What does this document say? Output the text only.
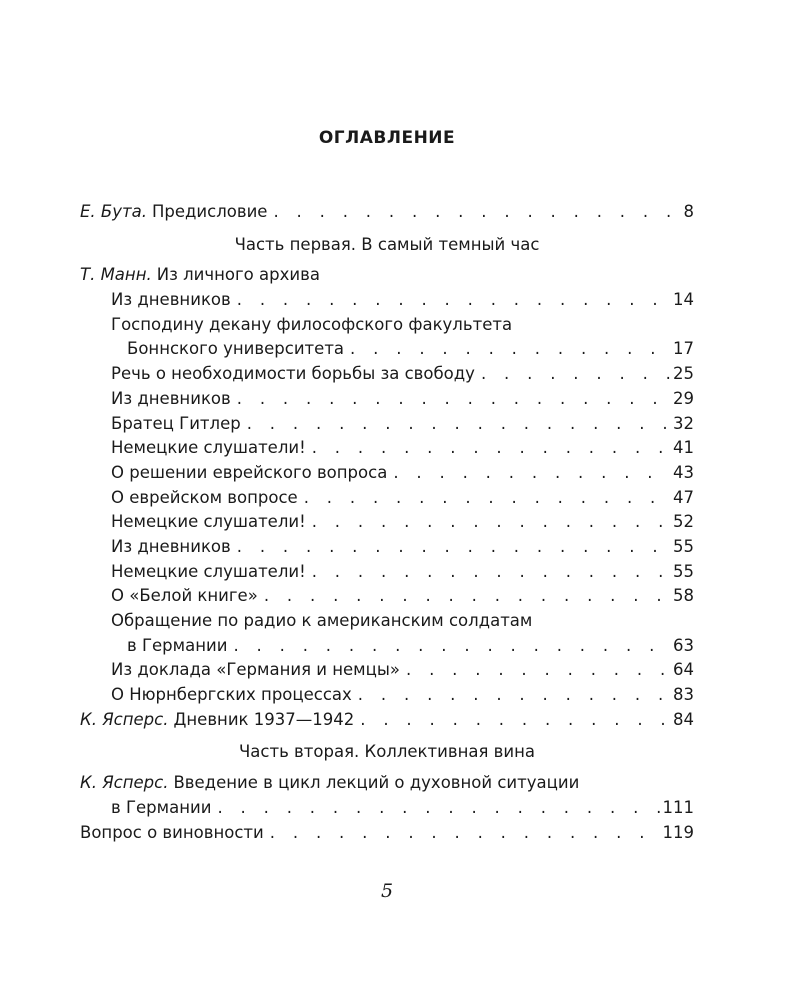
ОГЛАВЛЕНИЕ
Е. Бута. Предисловие . . .	8
Часть первая. В самый темный час
Т. Манн. Из личного архива
Из дневников . . .	14
Господину декану философского факультета
Боннского университета . . .	17
Речь о необходимости борьбы за свободу . . .	25
Из дневников . . .	29
Братец Гитлер . . .	32
Немецкие слушатели! . . .	41
О решении еврейского вопроса . . .	43
О еврейском вопросе . . .	47
Немецкие слушатели! . . .	52
Из дневников . . .	55
Немецкие слушатели! . . .	55
О «Белой книге» . . .	58
Обращение по радио к американским солдатам
в Германии . . .	63
Из доклада «Германия и немцы» . . .	64
О Нюрнбергских процессах . . .	83
К. Ясперс. Дневник 1937—1942 . . .	84
Часть вторая. Коллективная вина
К. Ясперс. Введение в цикл лекций о духовной ситуации
в Германии . . .	111
Вопрос о виновности . . .	119
5
